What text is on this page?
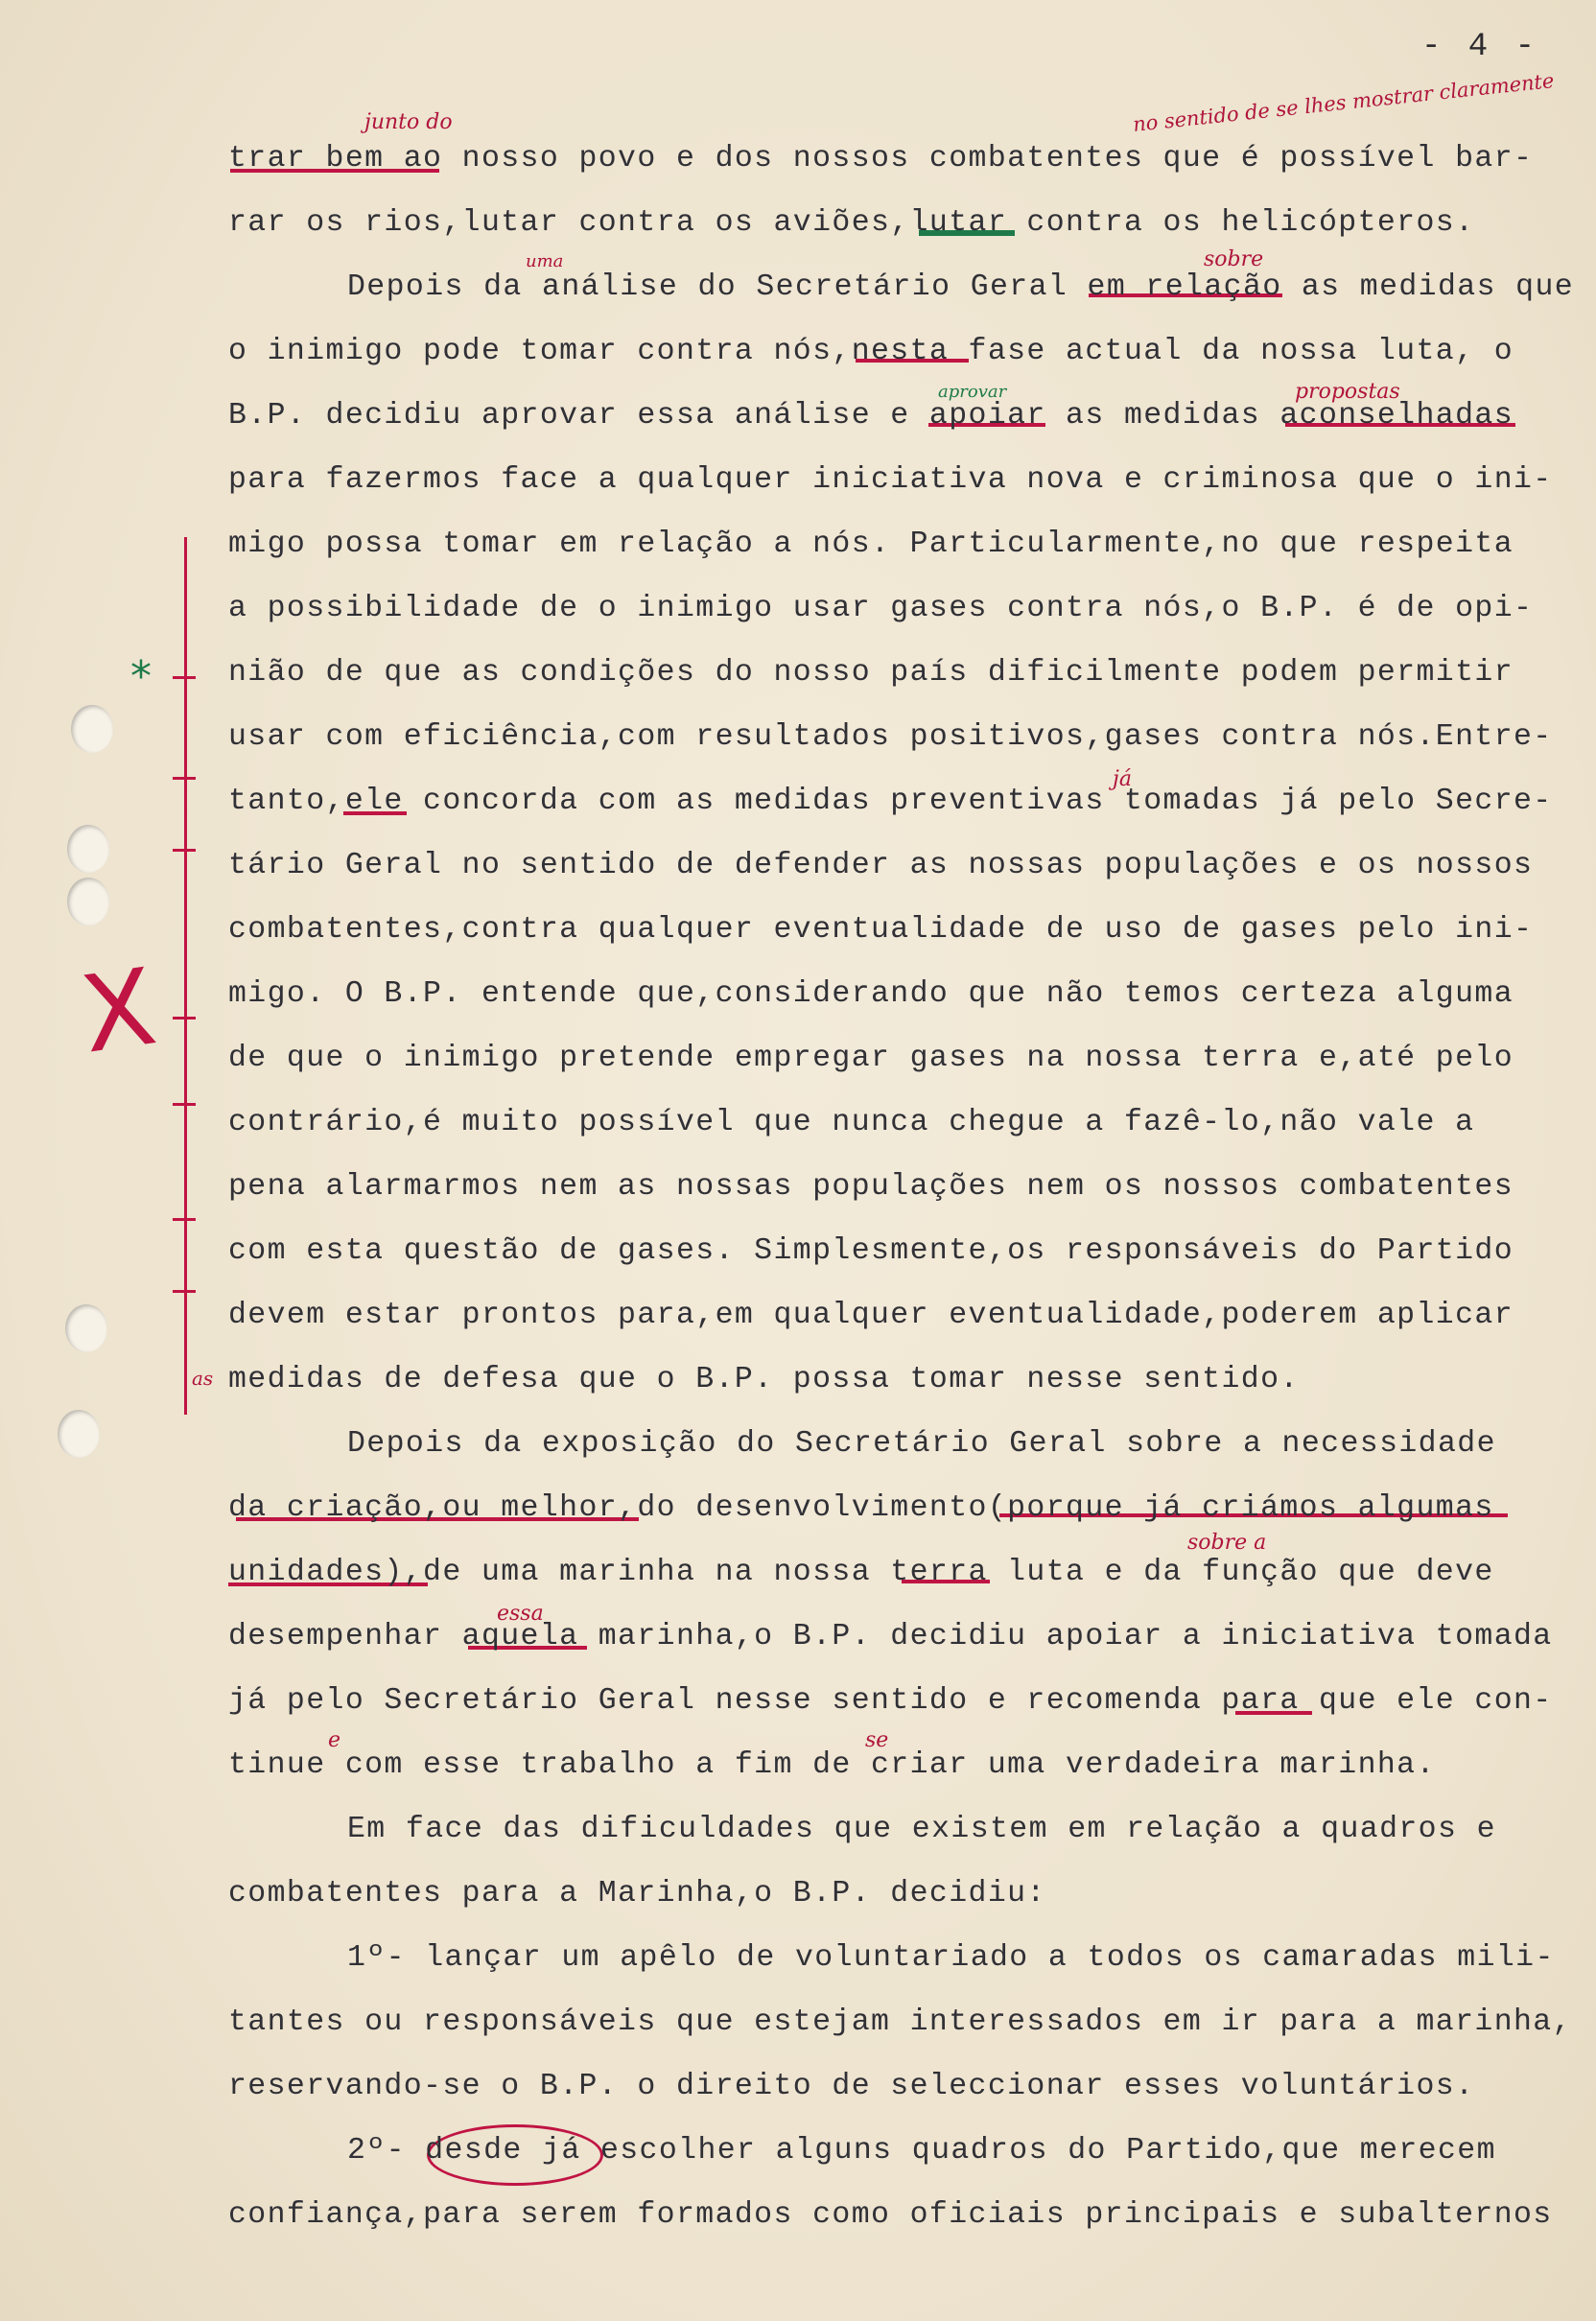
- 4 -
junto do	no sentido de se lhes mostrar claramente
sobre
uma
aprovar	propostas
já
as
sobre a
essa
e	se
*
X
trar bem ao nosso povo e dos nossos combatentes que é possível bar-
rar os rios,lutar contra os aviões,lutar contra os helicópteros.
Depois da análise do Secretário Geral em relação as medidas que
o inimigo pode tomar contra nós,nesta fase actual da nossa luta, o
B.P. decidiu aprovar essa análise e apoiar as medidas aconselhadas
para fazermos face a qualquer iniciativa nova e criminosa que o ini-
migo possa tomar em relação a nós. Particularmente,no que respeita
a possibilidade de o inimigo usar gases contra nós,o B.P. é de opi-
nião de que as condições do nosso país dificilmente podem permitir
usar com eficiência,com resultados positivos,gases contra nós.Entre-
tanto,ele concorda com as medidas preventivas tomadas já pelo Secre-
tário Geral no sentido de defender as nossas populações e os nossos
combatentes,contra qualquer eventualidade de uso de gases pelo ini-
migo. O B.P. entende que,considerando que não temos certeza alguma
de que o inimigo pretende empregar gases na nossa terra e,até pelo
contrário,é muito possível que nunca chegue a fazê-lo,não vale a
pena alarmarmos nem as nossas populações nem os nossos combatentes
com esta questão de gases. Simplesmente,os responsáveis do Partido
devem estar prontos para,em qualquer eventualidade,poderem aplicar
medidas de defesa que o B.P. possa tomar nesse sentido.
Depois da exposição do Secretário Geral sobre a necessidade
da criação,ou melhor,do desenvolvimento(porque já criámos algumas
unidades),de uma marinha na nossa terra luta e da função que deve
desempenhar aquela marinha,o B.P. decidiu apoiar a iniciativa tomada
já pelo Secretário Geral nesse sentido e recomenda para que ele con-
tinue com esse trabalho a fim de criar uma verdadeira marinha.
Em face das dificuldades que existem em relação a quadros e
combatentes para a Marinha,o B.P. decidiu:
1º- lançar um apêlo de voluntariado a todos os camaradas mili-
tantes ou responsáveis que estejam interessados em ir para a marinha,
reservando-se o B.P. o direito de seleccionar esses voluntários.
2º- desde já escolher alguns quadros do Partido,que merecem
confiança,para serem formados como oficiais principais e subalternos
